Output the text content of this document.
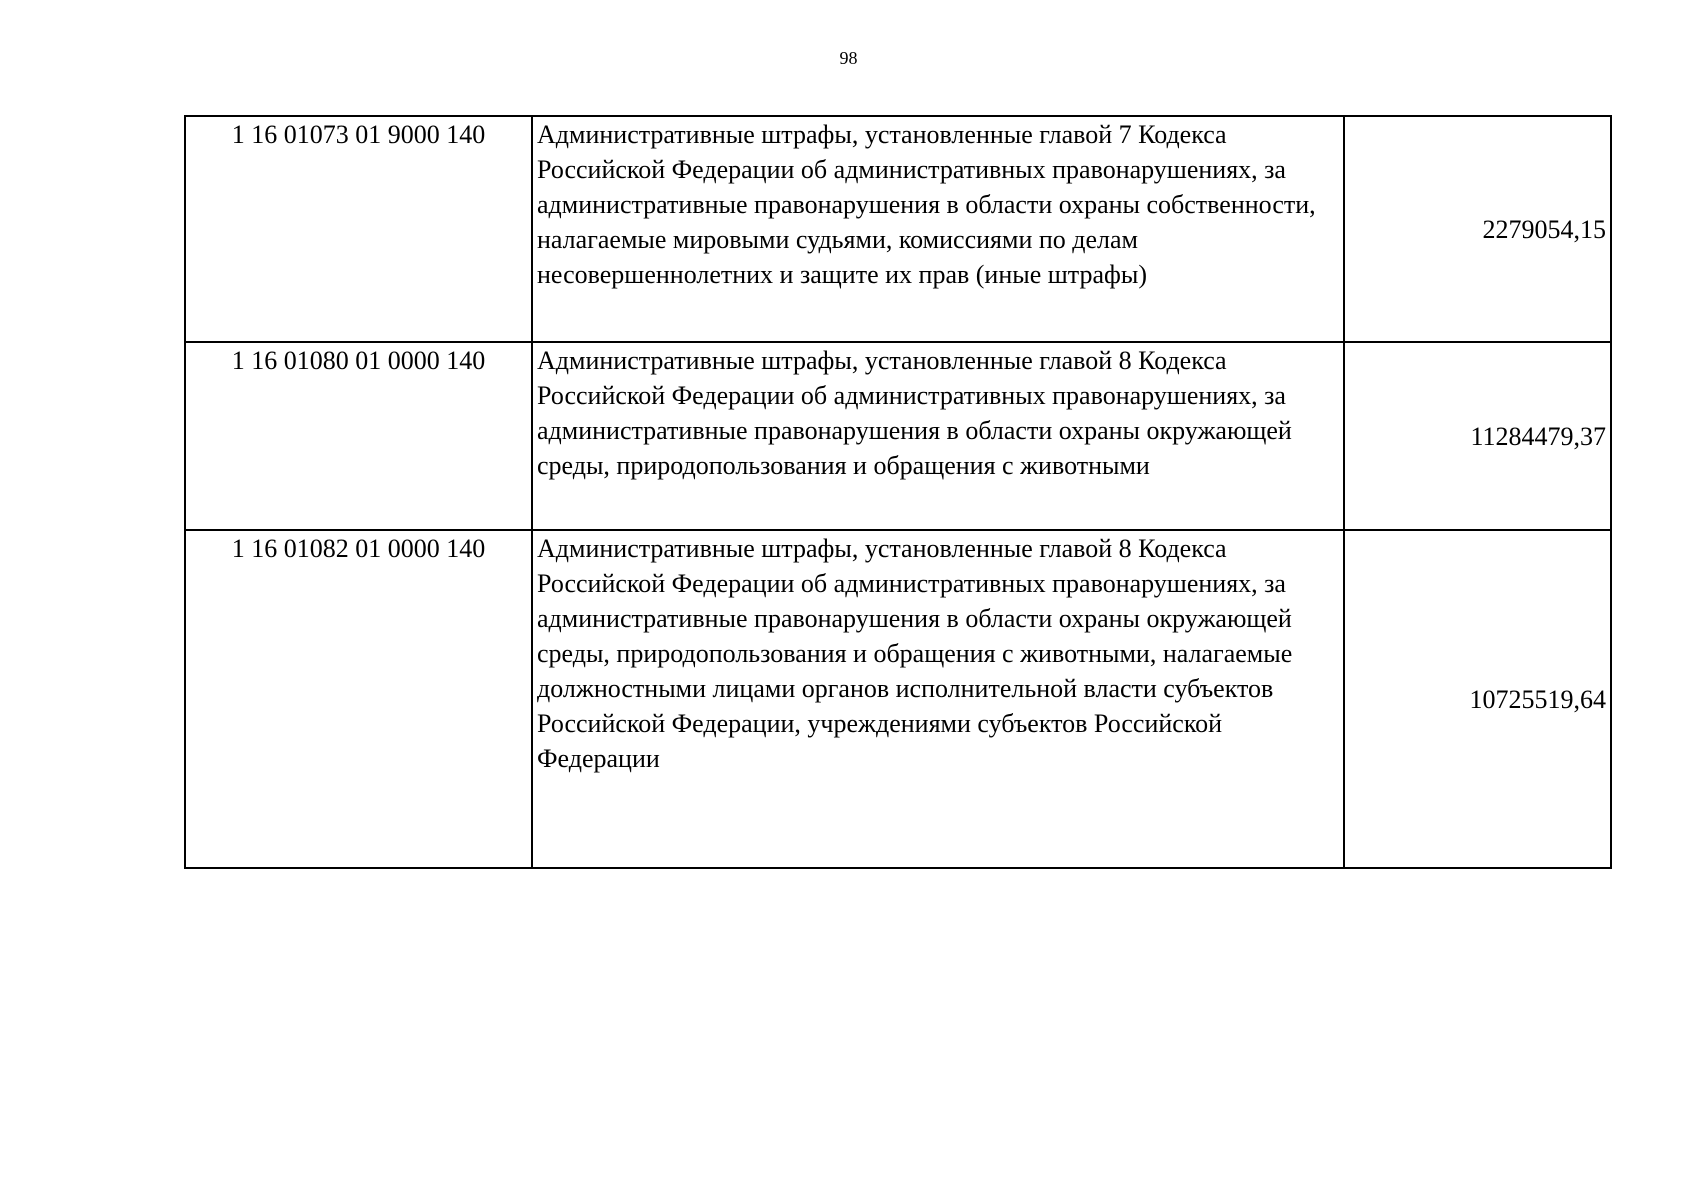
98
1 16 01073 01 9000 140	Административные штрафы, установленные главой 7 Кодекса Российской Федерации об административных правонарушениях, за административные правонарушения в области охраны собственности, налагаемые мировыми судьями, комиссиями по делам несовершеннолетних и защите их прав (иные штрафы)	2279054,15
1 16 01080 01 0000 140	Административные штрафы, установленные главой 8 Кодекса Российской Федерации об административных правонарушениях, за административные правонарушения в области охраны окружающей среды, природопользования и обращения с животными	11284479,37
1 16 01082 01 0000 140	Административные штрафы, установленные главой 8 Кодекса Российской Федерации об административных правонарушениях, за административные правонарушения в области охраны окружающей среды, природопользования и обращения с животными, налагаемые должностными лицами органов исполнительной власти субъектов Российской Федерации, учреждениями субъектов Российской Федерации	10725519,64
